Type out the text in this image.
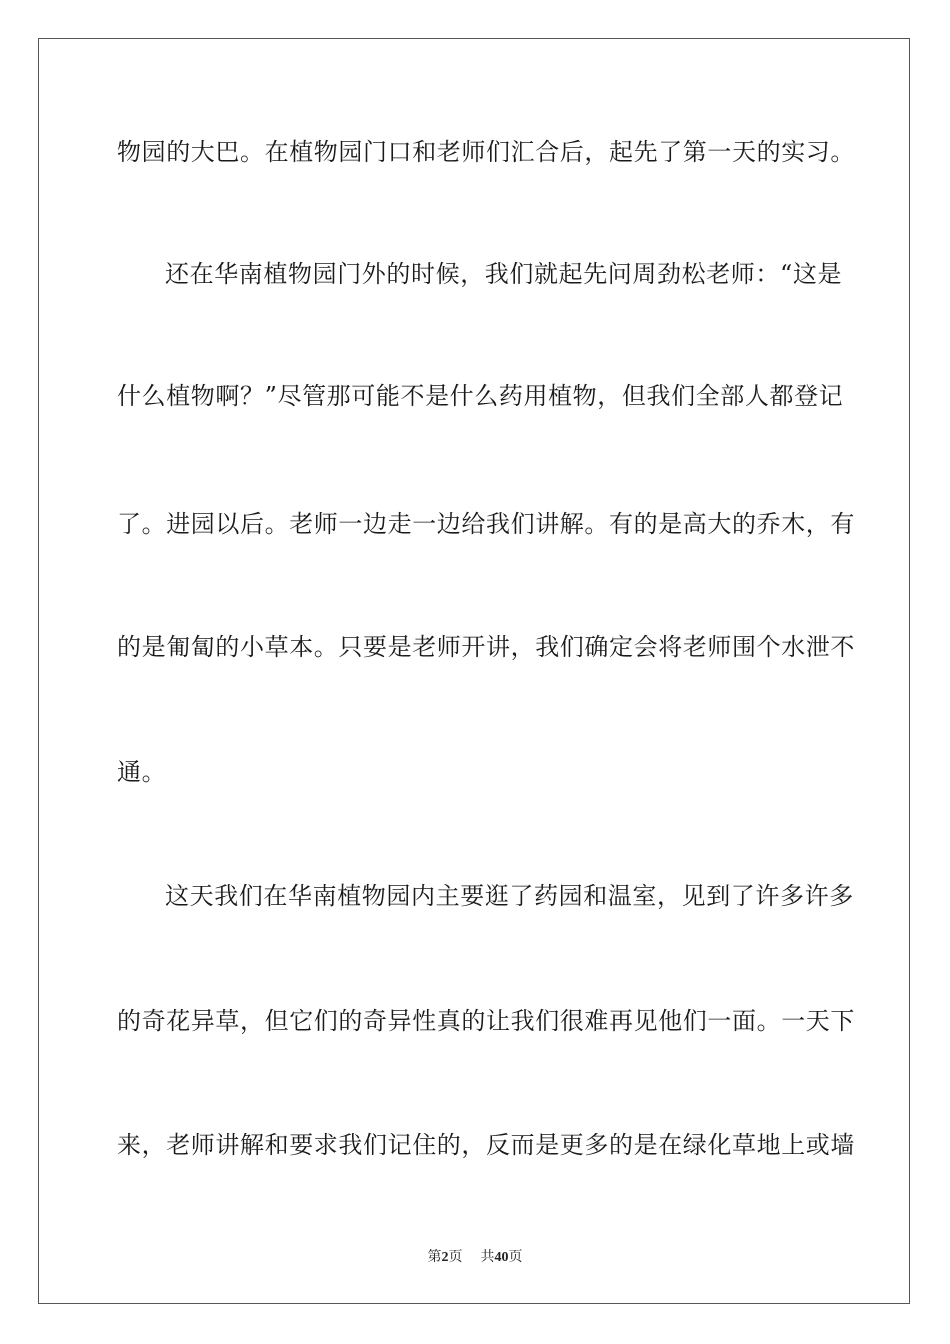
物园的大巴。在植物园门口和老师们汇合后，起先了第一天的实习。
还在华南植物园门外的时候，我们就起先问周劲松老师：“这是
什么植物啊？”尽管那可能不是什么药用植物，但我们全部人都登记
了。进园以后。老师一边走一边给我们讲解。有的是高大的乔木，有
的是匍匐的小草本。只要是老师开讲，我们确定会将老师围个水泄不
通。
这天我们在华南植物园内主要逛了药园和温室，见到了许多许多
的奇花异草，但它们的奇异性真的让我们很难再见他们一面。一天下
来，老师讲解和要求我们记住的，反而是更多的是在绿化草地上或墙
第2页 共40页
